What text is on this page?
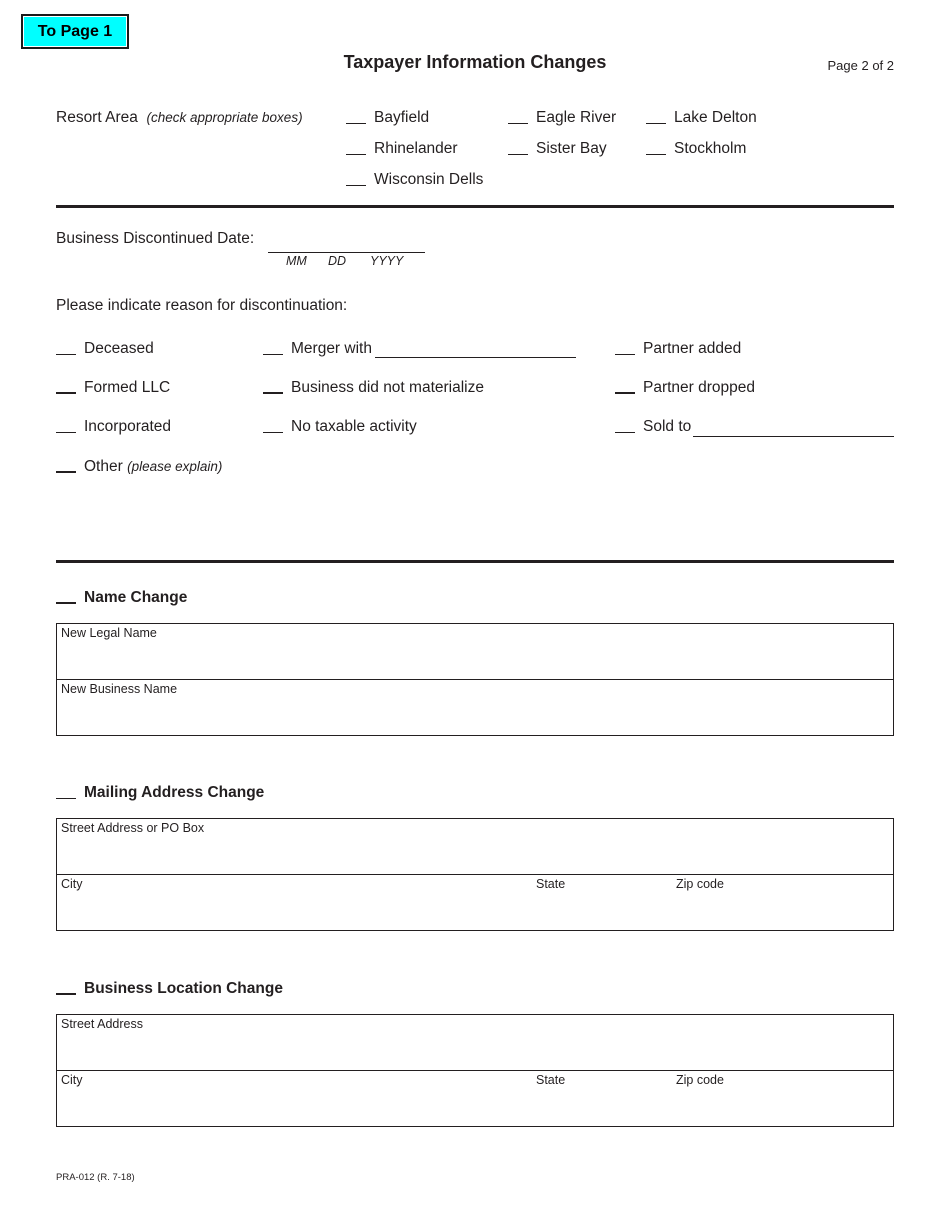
To Page 1
Taxpayer Information Changes	Page 2 of 2
Resort Area (check appropriate boxes)	Bayfield	Eagle River	Lake Delton
Rhinelander	Sister Bay	Stockholm
Wisconsin Dells
Business Discontinued Date:
MM DD YYYY
Please indicate reason for discontinuation:
Deceased	Merger with	Partner added
Formed LLC	Business did not materialize	Partner dropped
Incorporated	No taxable activity	Sold to
Other (please explain)
Name Change
New Legal Name
New Business Name
Mailing Address Change
Street Address or PO Box
City	State	Zip code
Business Location Change
Street Address
City	State	Zip code
PRA-012 (R. 7-18)
